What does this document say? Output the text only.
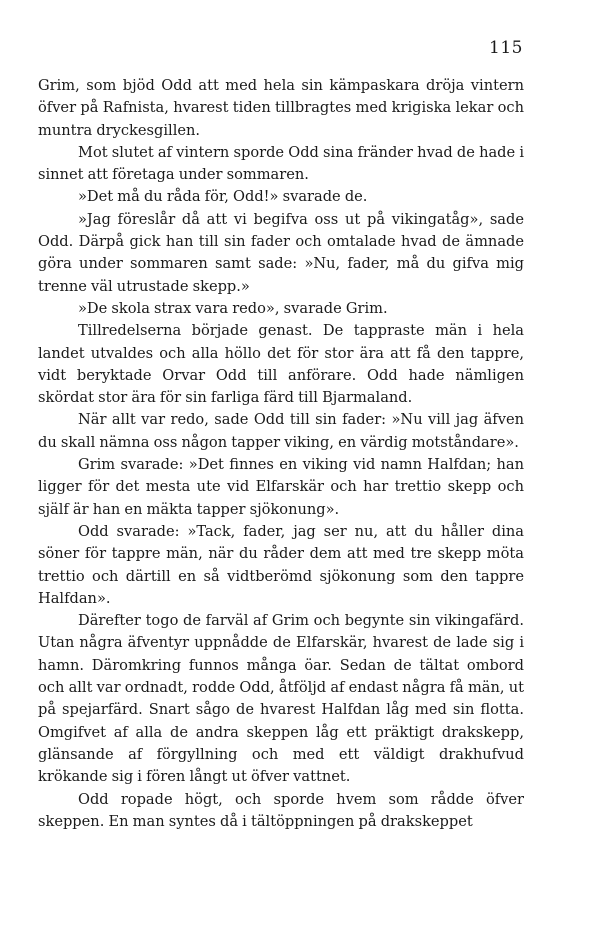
115

Grim, som bjöd Odd att med hela sin kämpaskara dröja vintern öfver på Rafnista, hvarest tiden tillbragtes med krigiska lekar och muntra dryckesgillen.

Mot slutet af vintern sporde Odd sina fränder hvad de hade i sinnet att företaga under sommaren.

»Det må du råda för, Odd!» svarade de.

»Jag föreslår då att vi begifva oss ut på vikingatåg», sade Odd. Därpå gick han till sin fader och omtalade hvad de ämnade göra under sommaren samt sade: »Nu, fader, må du gifva mig trenne väl utrustade skepp.»

»De skola strax vara redo», svarade Grim.

Tillredelserna började genast. De tappraste män i hela landet utvaldes och alla höllo det för stor ära att få den tappre, vidt beryktade Orvar Odd till anförare. Odd hade nämligen skördat stor ära för sin farliga färd till Bjarmaland.

När allt var redo, sade Odd till sin fader: »Nu vill jag äfven du skall nämna oss någon tapper viking, en värdig motståndare».

Grim svarade: »Det finnes en viking vid namn Halfdan; han ligger för det mesta ute vid Elfarskär och har trettio skepp och själf är han en mäkta tapper sjökonung».

Odd svarade: »Tack, fader, jag ser nu, att du håller dina söner för tappre män, när du råder dem att med tre skepp möta trettio och därtill en så vidtberömd sjökonung som den tappre Halfdan».

Därefter togo de farväl af Grim och begynte sin vikingafärd. Utan några äfventyr uppnådde de Elfarskär, hvarest de lade sig i hamn. Däromkring funnos många öar. Sedan de tältat ombord och allt var ordnadt, rodde Odd, åtföljd af endast några få män, ut på spejarfärd. Snart sågo de hvarest Halfdan låg med sin flotta. Omgifvet af alla de andra skeppen låg ett präktigt drakskepp, glänsande af förgyllning och med ett väldigt drakhufvud krökande sig i fören långt ut öfver vattnet.

Odd ropade högt, och sporde hvem som rådde öfver skeppen. En man syntes då i tältöppningen på drakskeppet
